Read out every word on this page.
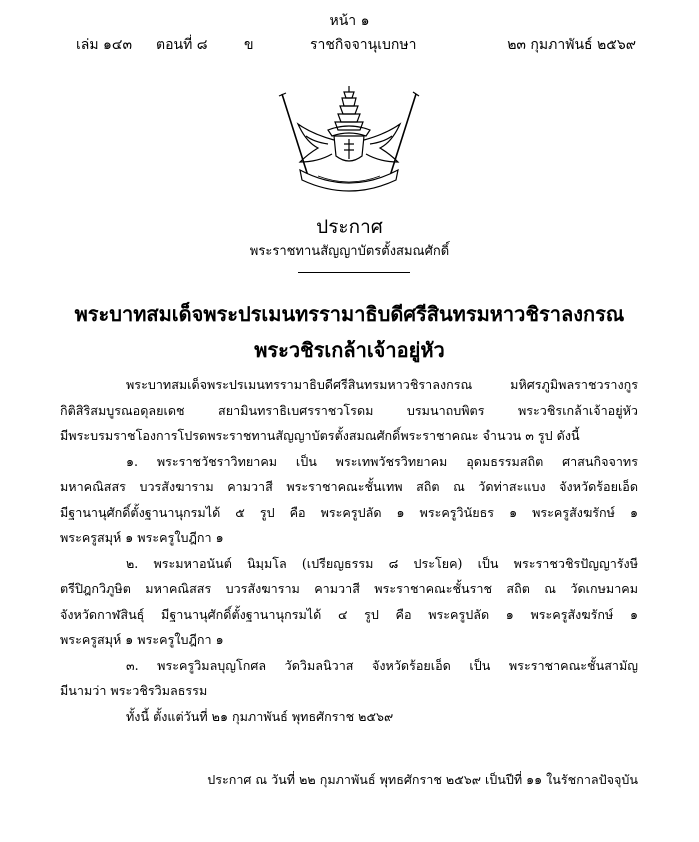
หน้า ๑
เล่ม ๑๔๓ ตอนที่ ๘	ข	ราชกิจจานุเบกษา	๒๓ กุมภาพันธ์ ๒๕๖๙
ประกาศ
พระราชทานสัญญาบัตรตั้งสมณศักดิ์
พระบาทสมเด็จพระปรเมนทรรามาธิบดีศรีสินทรมหาวชิราลงกรณ
พระวชิรเกล้าเจ้าอยู่หัว

พระบาทสมเด็จพระปรเมนทรรามาธิบดีศรีสินทรมหาวชิราลงกรณ มหิศรภูมิพลราชวรางกูร

กิติสิริสมบูรณอดุลยเดช สยามินทราธิเบศรราชวโรดม บรมนาถบพิตร พระวชิรเกล้าเจ้าอยู่หัว

มีพระบรมราชโองการโปรดพระราชทานสัญญาบัตรตั้งสมณศักดิ์พระราชาคณะ จำนวน ๓ รูป ดังนี้

๑. พระราชวัชราวิทยาคม เป็น พระเทพวัชรวิทยาคม อุดมธรรมสถิต ศาสนกิจจาทร

มหาคณิสสร บวรสังฆาราม คามวาสี พระราชาคณะชั้นเทพ สถิต ณ วัดท่าสะแบง จังหวัดร้อยเอ็ด

มีฐานานุศักดิ์ตั้งฐานานุกรมได้ ๕ รูป คือ พระครูปลัด ๑ พระครูวินัยธร ๑ พระครูสังฆรักษ์ ๑

พระครูสมุห์ ๑ พระครูใบฎีกา ๑

๒. พระมหาอนันต์ นิมฺมโล (เปรียญธรรม ๘ ประโยค) เป็น พระราชวชิรปัญญารังษี

ตรีปิฎกวิภูษิต มหาคณิสสร บวรสังฆาราม คามวาสี พระราชาคณะชั้นราช สถิต ณ วัดเกษมาคม

จังหวัดกาฬสินธุ์ มีฐานานุศักดิ์ตั้งฐานานุกรมได้ ๔ รูป คือ พระครูปลัด ๑ พระครูสังฆรักษ์ ๑

พระครูสมุห์ ๑ พระครูใบฎีกา ๑

๓. พระครูวิมลบุญโกศล วัดวิมลนิวาส จังหวัดร้อยเอ็ด เป็น พระราชาคณะชั้นสามัญ

มีนามว่า พระวชิรวิมลธรรม

ทั้งนี้ ตั้งแต่วันที่ ๒๑ กุมภาพันธ์ พุทธศักราช ๒๕๖๙

ประกาศ ณ วันที่ ๒๒ กุมภาพันธ์ พุทธศักราช ๒๕๖๙ เป็นปีที่ ๑๑ ในรัชกาลปัจจุบัน
